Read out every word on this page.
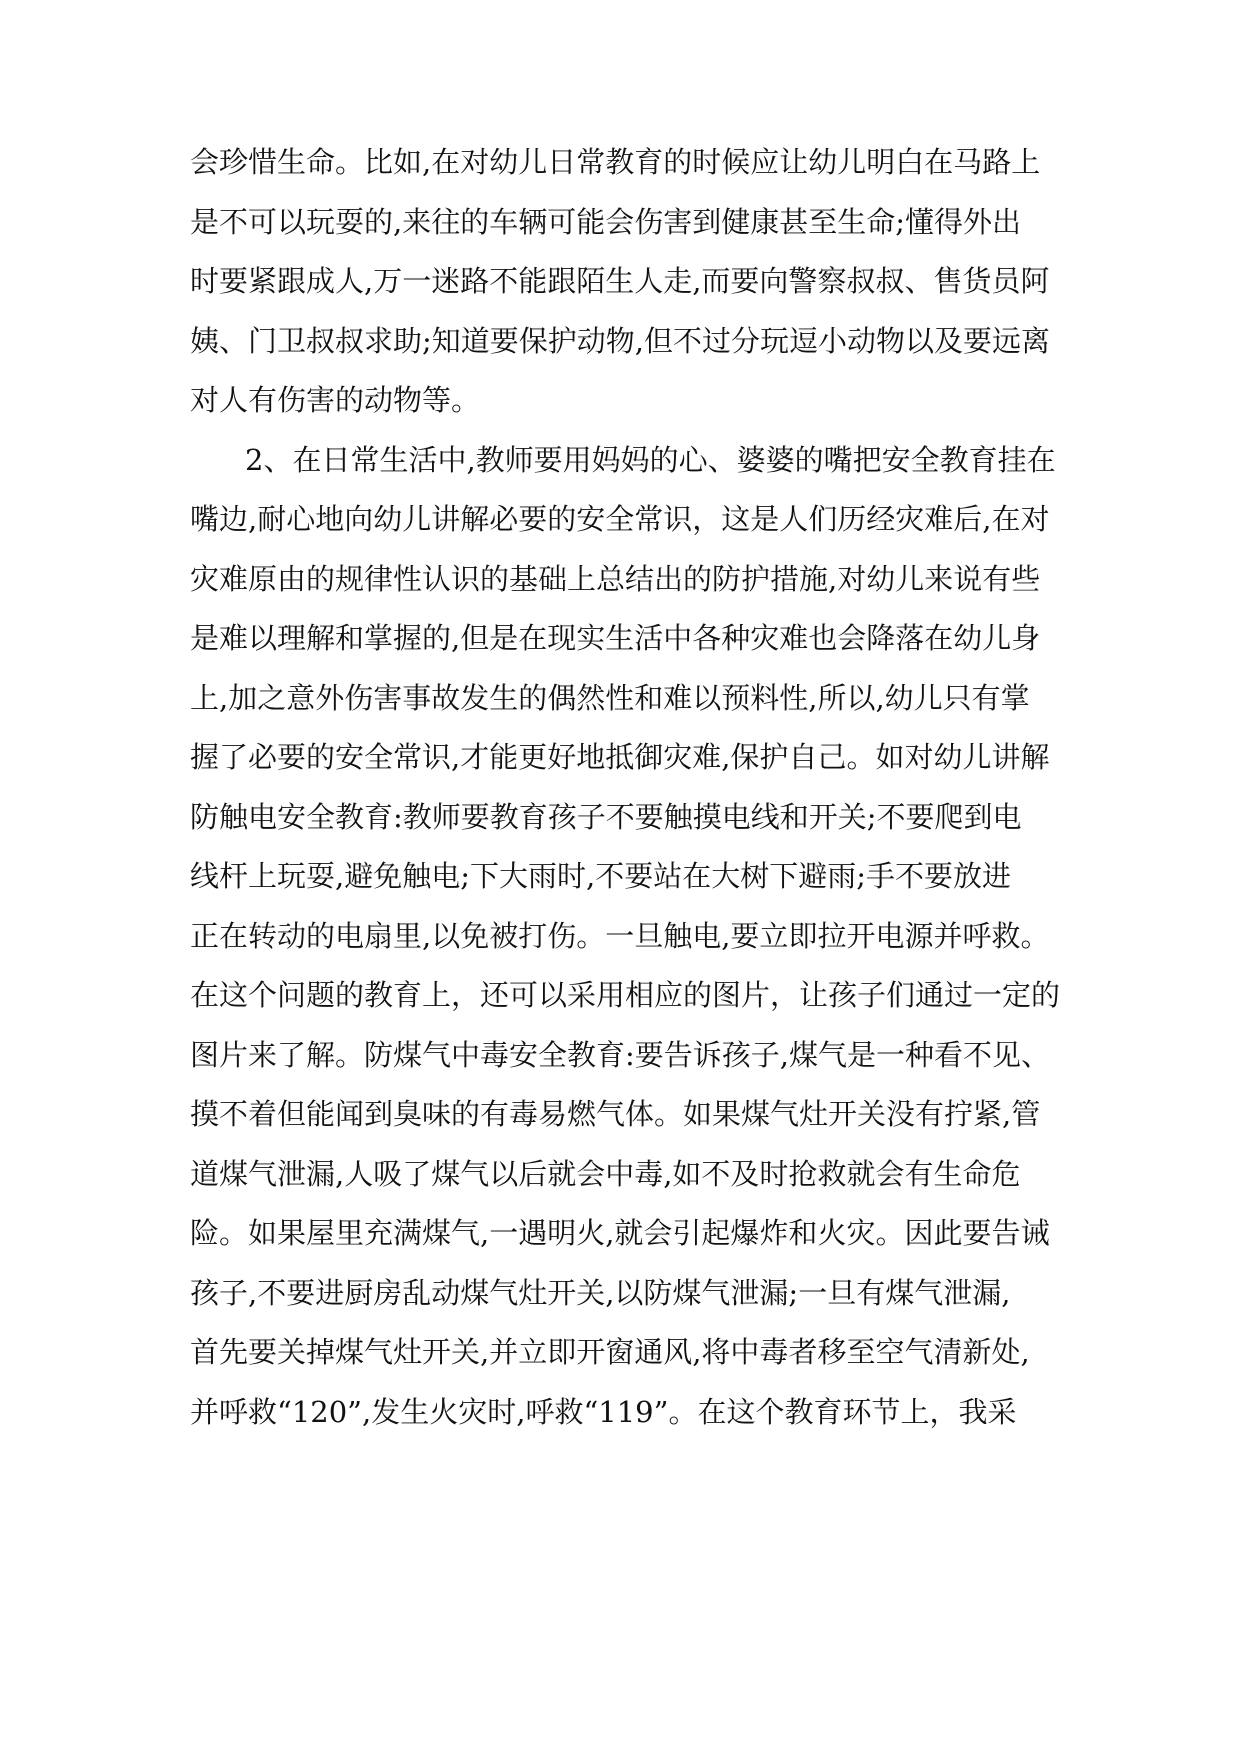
会珍惜生命。比如,在对幼儿日常教育的时候应让幼儿明白在马路上
是不可以玩耍的,来往的车辆可能会伤害到健康甚至生命;懂得外出
时要紧跟成人,万一迷路不能跟陌生人走,而要向警察叔叔、售货员阿
姨、门卫叔叔求助;知道要保护动物,但不过分玩逗小动物以及要远离
对人有伤害的动物等。
2、在日常生活中,教师要用妈妈的心、婆婆的嘴把安全教育挂在
嘴边,耐心地向幼儿讲解必要的安全常识，这是人们历经灾难后,在对
灾难原由的规律性认识的基础上总结出的防护措施,对幼儿来说有些
是难以理解和掌握的,但是在现实生活中各种灾难也会降落在幼儿身
上,加之意外伤害事故发生的偶然性和难以预料性,所以,幼儿只有掌
握了必要的安全常识,才能更好地抵御灾难,保护自己。如对幼儿讲解
防触电安全教育:教师要教育孩子不要触摸电线和开关;不要爬到电
线杆上玩耍,避免触电;下大雨时,不要站在大树下避雨;手不要放进
正在转动的电扇里,以免被打伤。一旦触电,要立即拉开电源并呼救。
在这个问题的教育上，还可以采用相应的图片，让孩子们通过一定的
图片来了解。防煤气中毒安全教育:要告诉孩子,煤气是一种看不见、
摸不着但能闻到臭味的有毒易燃气体。如果煤气灶开关没有拧紧,管
道煤气泄漏,人吸了煤气以后就会中毒,如不及时抢救就会有生命危
险。如果屋里充满煤气,一遇明火,就会引起爆炸和火灾。因此要告诫
孩子,不要进厨房乱动煤气灶开关,以防煤气泄漏;一旦有煤气泄漏,
首先要关掉煤气灶开关,并立即开窗通风,将中毒者移至空气清新处,
并呼救“120”,发生火灾时,呼救“119”。在这个教育环节上，我采
